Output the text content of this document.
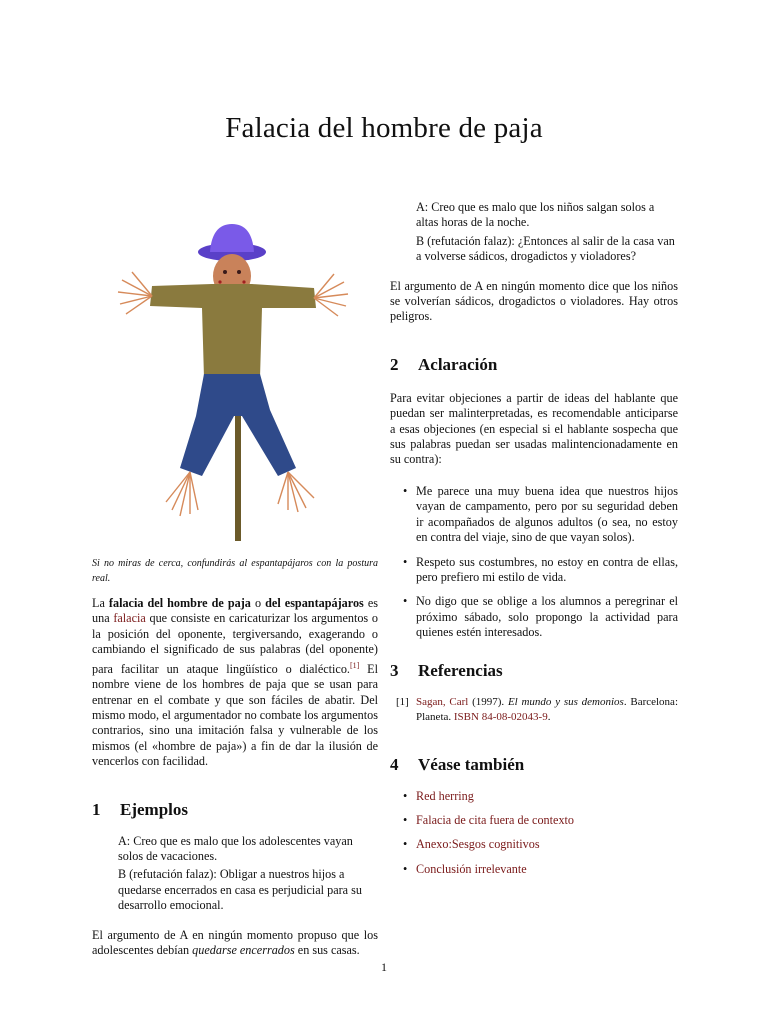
Falacia del hombre de paja
Si no miras de cerca, confundirás al espantapájaros con la postura real.

La falacia del hombre de paja o del espantapájaros es una falacia que consiste en caricaturizar los argumentos o la posición del oponente, tergiversando, exagerando o cambiando el significado de sus palabras (del oponente) para facilitar un ataque lingüístico o dialéctico.[1] El nombre viene de los hombres de paja que se usan para entrenar en el combate y que son fáciles de abatir. Del mismo modo, el argumentador no combate los argumentos contrarios, sino una imitación falsa y vulnerable de los mismos (el «hombre de paja») a fin de dar la ilusión de vencerlos con facilidad.

1 Ejemplos

A: Creo que es malo que los adolescentes vayan solos de vacaciones.

B (refutación falaz): Obligar a nuestros hijos a quedarse encerrados en casa es perjudicial para su desarrollo emocional.

El argumento de A en ningún momento propuso que los adolescentes debían quedarse encerrados en sus casas.

A: Creo que es malo que los niños salgan solos a altas horas de la noche.

B (refutación falaz): ¿Entonces al salir de la casa van a volverse sádicos, drogadictos y violadores?

El argumento de A en ningún momento dice que los niños se volverían sádicos, drogadictos o violadores. Hay otros peligros.

2 Aclaración

Para evitar objeciones a partir de ideas del hablante que puedan ser malinterpretadas, es recomendable anticiparse a esas objeciones (en especial si el hablante sospecha que sus palabras puedan ser usadas malintencionadamente en su contra):

• Me parece una muy buena idea que nuestros hijos vayan de campamento, pero por su seguridad deben ir acompañados de algunos adultos (o sea, no estoy en contra del viaje, sino de que vayan solos).
• Respeto sus costumbres, no estoy en contra de ellas, pero prefiero mi estilo de vida.
• No digo que se oblige a los alumnos a peregrinar el próximo sábado, solo propongo la actividad para quienes estén interesados.
3 Referencias
[1] Sagan, Carl (1997). El mundo y sus demonios. Barcelona: Planeta. ISBN 84-08-02043-9.
4 Véase también
• Red herring
• Falacia de cita fuera de contexto
• Anexo:Sesgos cognitivos
• Conclusión irrelevante
1
